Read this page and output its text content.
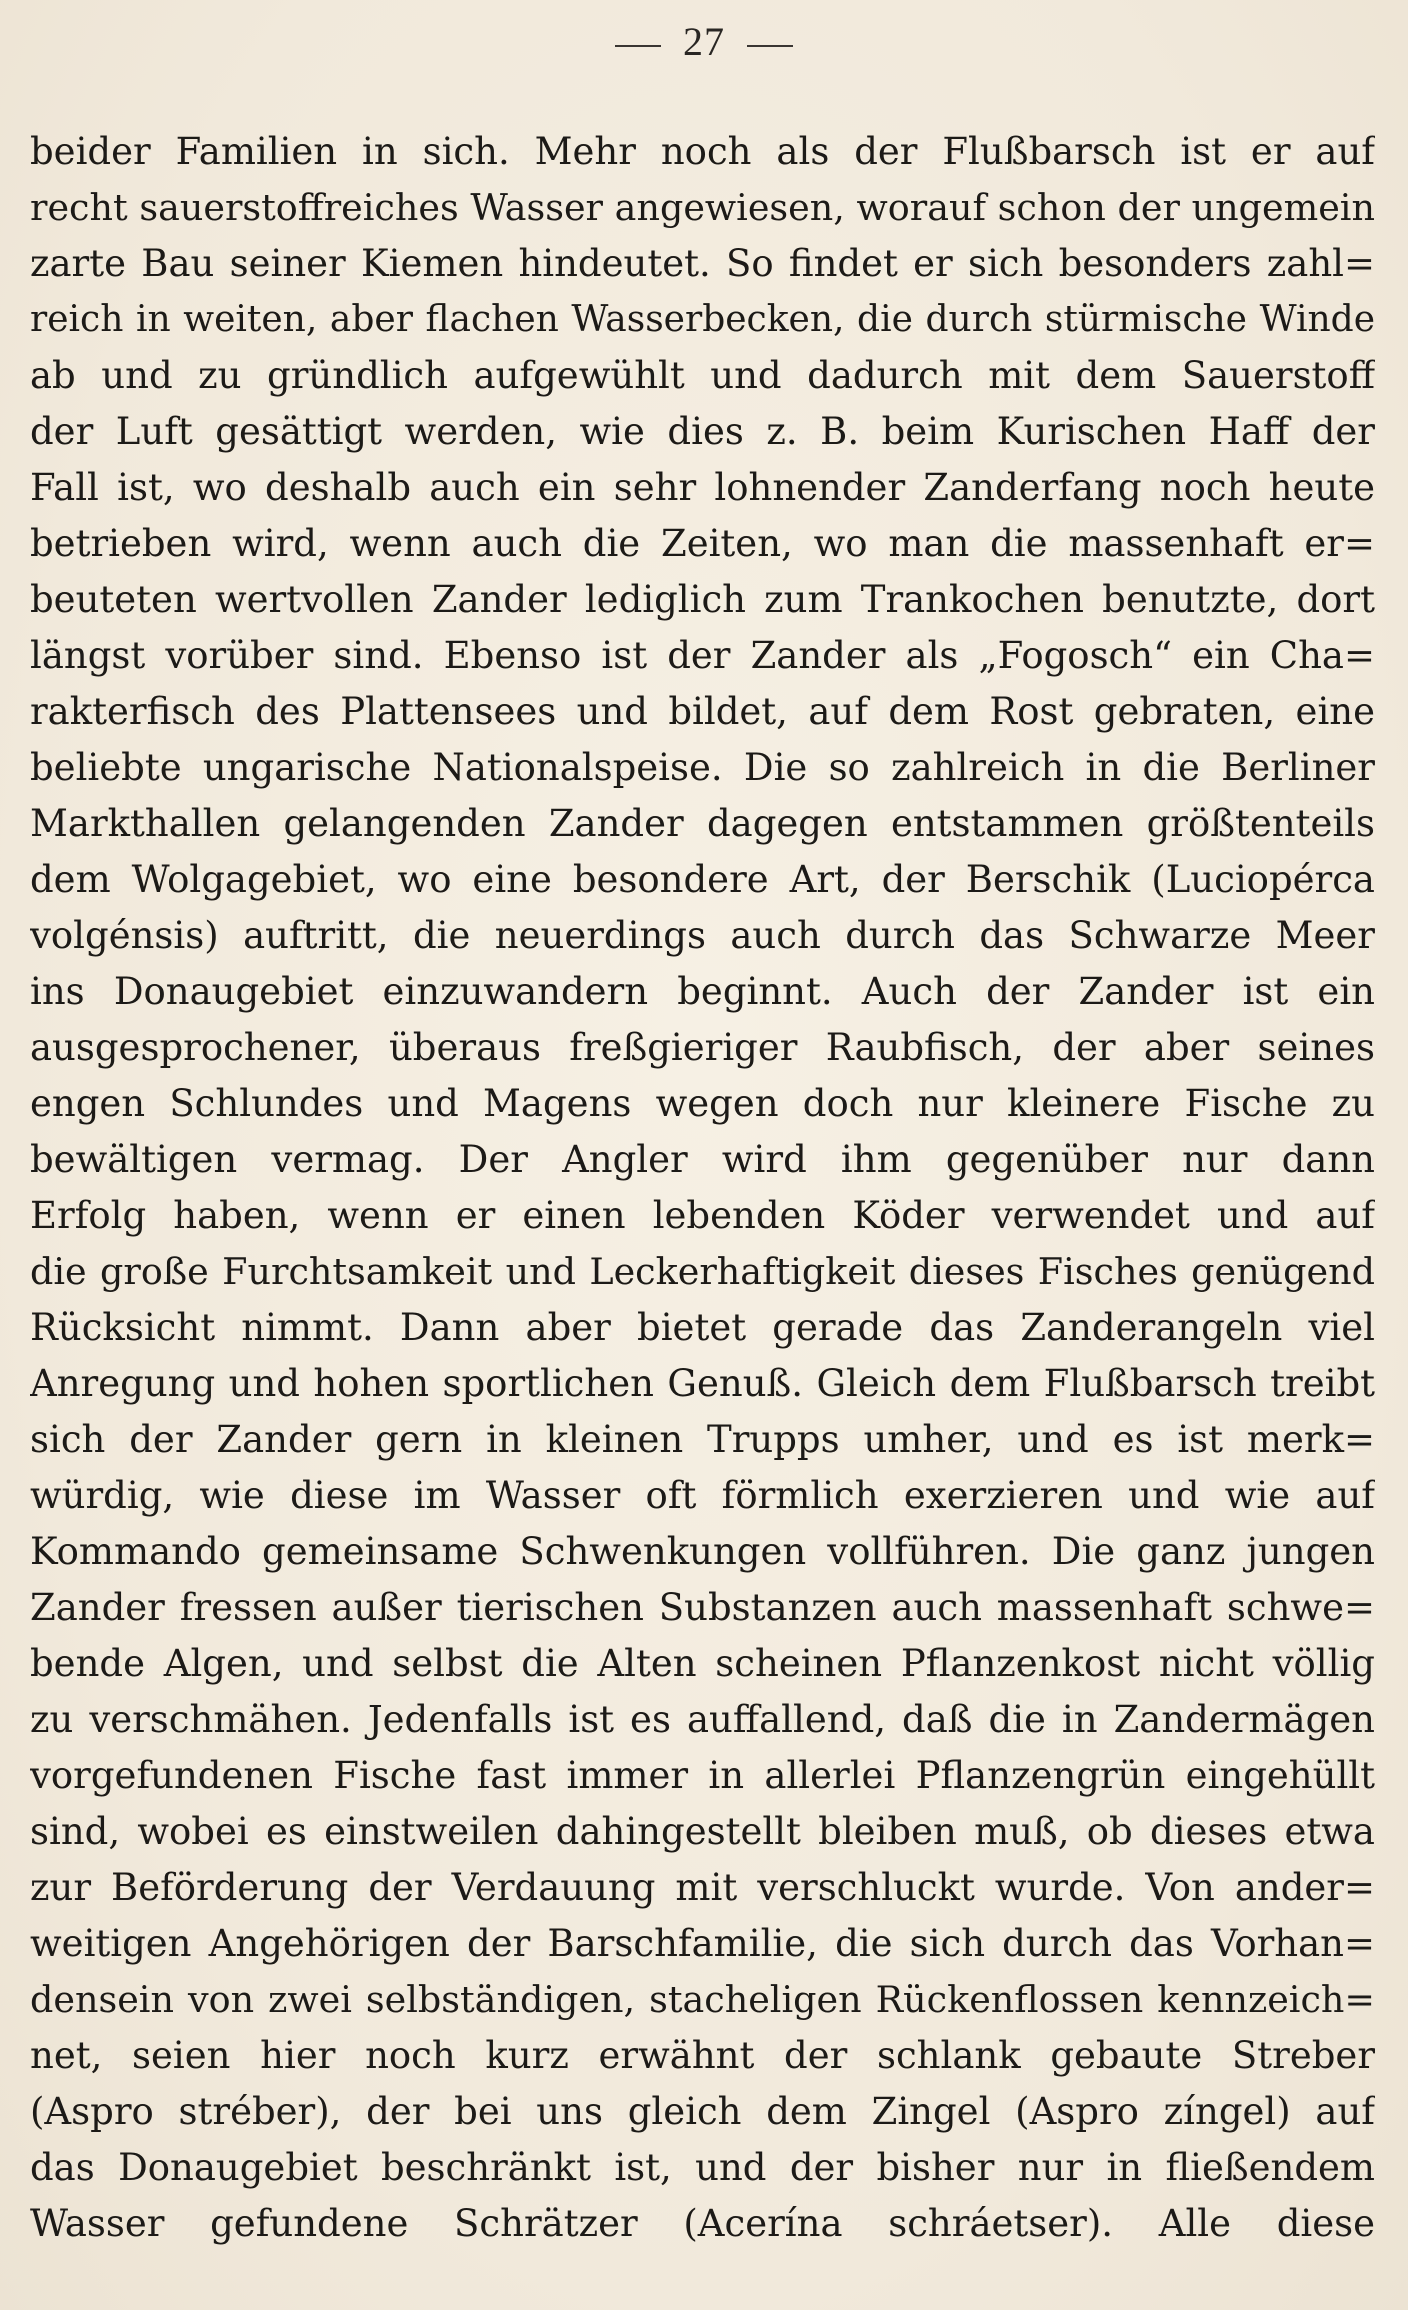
27
beider Familien in sich. Mehr noch als der Flußbarsch ist er auf
recht sauerstoffreiches Wasser angewiesen, worauf schon der ungemein
zarte Bau seiner Kiemen hindeutet. So findet er sich besonders zahl=
reich in weiten, aber flachen Wasserbecken, die durch stürmische Winde
ab und zu gründlich aufgewühlt und dadurch mit dem Sauerstoff
der Luft gesättigt werden, wie dies z. B. beim Kurischen Haff der
Fall ist, wo deshalb auch ein sehr lohnender Zanderfang noch heute
betrieben wird, wenn auch die Zeiten, wo man die massenhaft er=
beuteten wertvollen Zander lediglich zum Trankochen benutzte, dort
längst vorüber sind. Ebenso ist der Zander als „Fogosch“ ein Cha=
rakterfisch des Plattensees und bildet, auf dem Rost gebraten, eine
beliebte ungarische Nationalspeise. Die so zahlreich in die Berliner
Markthallen gelangenden Zander dagegen entstammen größtenteils
dem Wolgagebiet, wo eine besondere Art, der Berschik (Luciopérca
volgénsis) auftritt, die neuerdings auch durch das Schwarze Meer
ins Donaugebiet einzuwandern beginnt. Auch der Zander ist ein
ausgesprochener, überaus freßgieriger Raubfisch, der aber seines
engen Schlundes und Magens wegen doch nur kleinere Fische zu
bewältigen vermag. Der Angler wird ihm gegenüber nur dann
Erfolg haben, wenn er einen lebenden Köder verwendet und auf
die große Furchtsamkeit und Leckerhaftigkeit dieses Fisches genügend
Rücksicht nimmt. Dann aber bietet gerade das Zanderangeln viel
Anregung und hohen sportlichen Genuß. Gleich dem Flußbarsch treibt
sich der Zander gern in kleinen Trupps umher, und es ist merk=
würdig, wie diese im Wasser oft förmlich exerzieren und wie auf
Kommando gemeinsame Schwenkungen vollführen. Die ganz jungen
Zander fressen außer tierischen Substanzen auch massenhaft schwe=
bende Algen, und selbst die Alten scheinen Pflanzenkost nicht völlig
zu verschmähen. Jedenfalls ist es auffallend, daß die in Zandermägen
vorgefundenen Fische fast immer in allerlei Pflanzengrün eingehüllt
sind, wobei es einstweilen dahingestellt bleiben muß, ob dieses etwa
zur Beförderung der Verdauung mit verschluckt wurde. Von ander=
weitigen Angehörigen der Barschfamilie, die sich durch das Vorhan=
densein von zwei selbständigen, stacheligen Rückenflossen kennzeich=
net, seien hier noch kurz erwähnt der schlank gebaute Streber
(Aspro stréber), der bei uns gleich dem Zingel (Aspro zíngel) auf
das Donaugebiet beschränkt ist, und der bisher nur in fließendem
Wasser gefundene Schrätzer (Acerína schráetser). Alle diese
